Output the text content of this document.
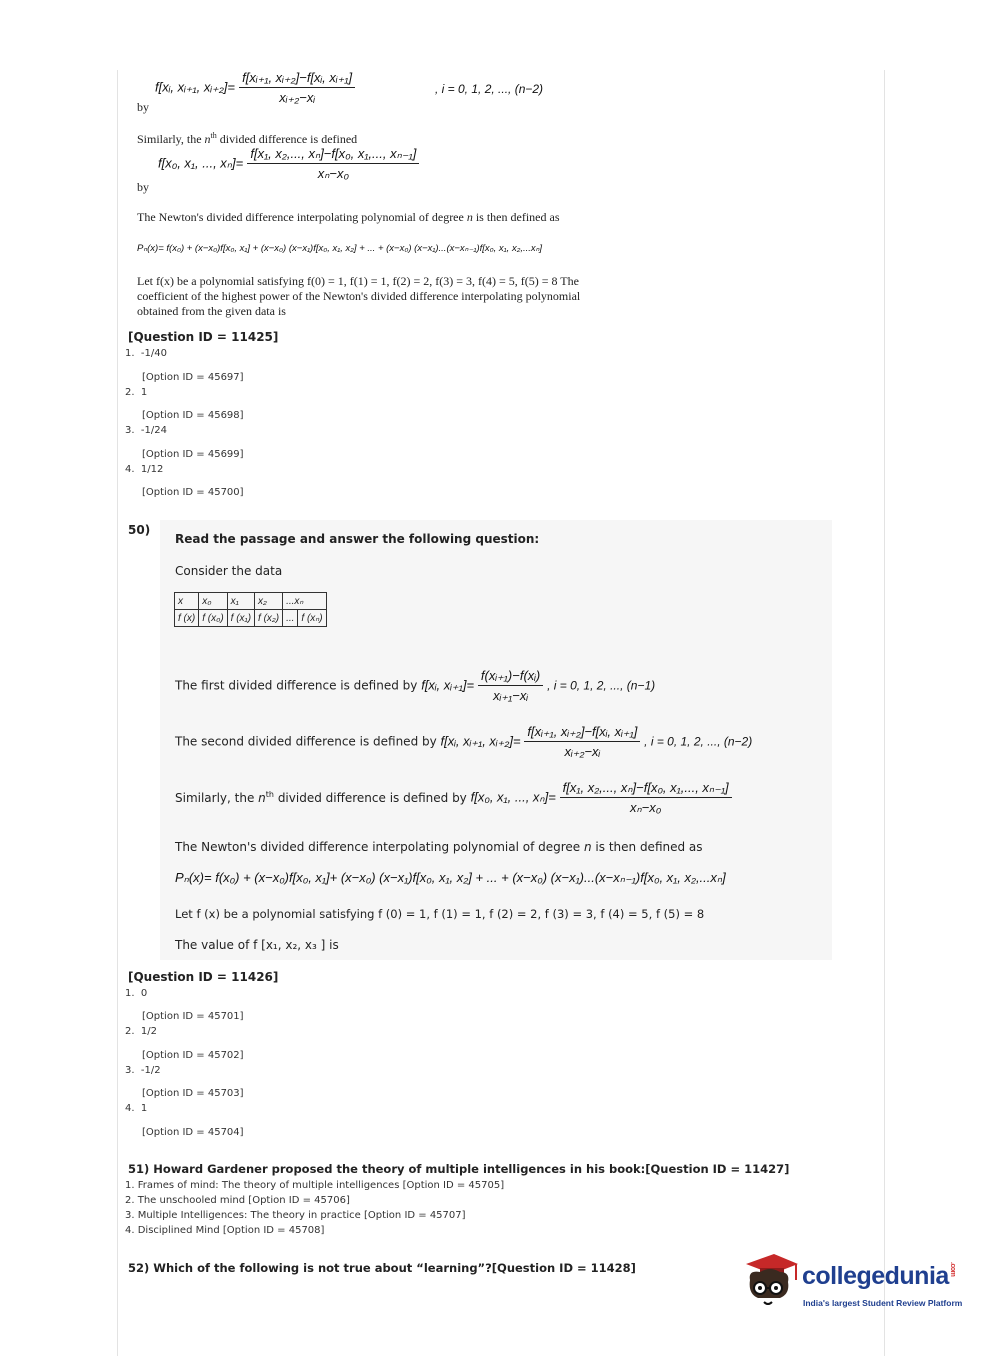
f[xᵢ, xᵢ₊₁, xᵢ₊₂]= $\frac{\text{f[xᵢ₊₁, xᵢ₊₂]−f[xᵢ, xᵢ₊₁]}}{\text{xᵢ₊₂−xᵢ}}$	, i = 0, 1, 2, ..., (n−2)
by
Similarly, the $n^{th}$ divided difference is defined
f[x₀, x₁, ..., $x_n]= \frac{\text{f[x₁, x₂,..., xₙ]−f[x₀, x₁,..., xₙ₋₁]}}{\text{xₙ−x₀}}$
by
The Newton's divided difference interpolating polynomial of degree n is then defined as
Pₙ(x)= f(x₀) + (x−x₀)f[x₀, x₁] + (x−x₀) (x−x₁)f[x₀, x₁, x₂] + ... + (x−x₀) (x−x₁)...(x−xₙ₋₁)f[x₀, x₁, x₂,...xₙ]
Let f(x) be a polynomial satisfying f(0) = 1, f(1) = 1, f(2) = 2, f(3) = 3, f(4) = 5, f(5) = 8 The
coefficient of the highest power of the Newton's divided difference interpolating polynomial
obtained from the given data is
[Question ID = 11425]
1. -1/40
[Option ID = 45697]
2. 1
[Option ID = 45698]
3. -1/24
[Option ID = 45699]
4. 1/12
[Option ID = 45700]
50)
Read the passage and answer the following question:
Consider the data
x	x₀	x₁	x₂	...xₙ	
f (x)	f (x₀)	f (x₁)	f (x₂)	...	f (xₙ)
The first divided difference is defined by f[xᵢ, xᵢ₊₁]= $\frac{\text{f(xᵢ₊₁)−f(xᵢ)}}{\text{xᵢ₊₁−xᵢ}}$ , i = 0, 1, 2, ..., (n−1)
The second divided difference is defined by f[xᵢ, xᵢ₊₁, xᵢ₊₂]= $\frac{\text{f[xᵢ₊₁, xᵢ₊₂]−f[xᵢ, xᵢ₊₁]}}{\text{xᵢ₊₂−xᵢ}}$ , i = 0, 1, 2, ..., (n−2)
Similarly, the $n^{th}$ divided difference is defined by f[x₀, x₁, ..., $x_n]= \frac{\text{f[x₁, x₂,..., xₙ]−f[x₀, x₁,..., xₙ₋₁]}}{\text{xₙ−x₀}}$
The Newton's divided difference interpolating polynomial of degree n is then defined as
Pₙ(x)= f(x₀) + (x−x₀)f[x₀, x₁]+ (x−x₀) (x−x₁)f[x₀, x₁, x₂] + ... + (x−x₀) (x−x₁)...(x−xₙ₋₁)f[x₀, x₁, x₂,...xₙ]
Let f (x) be a polynomial satisfying f (0) = 1, f (1) = 1, f (2) = 2, f (3) = 3, f (4) = 5, f (5) = 8
The value of f [x₁, x₂, x₃ ] is
[Question ID = 11426]
1. 0
[Option ID = 45701]
2. 1/2
[Option ID = 45702]
3. -1/2
[Option ID = 45703]
4. 1
[Option ID = 45704]
51) Howard Gardener proposed the theory of multiple intelligences in his book:[Question ID = 11427]
1. Frames of mind: The theory of multiple intelligences [Option ID = 45705]
2. The unschooled mind [Option ID = 45706]
3. Multiple Intelligences: The theory in practice [Option ID = 45707]
4. Disciplined Mind [Option ID = 45708]
52) Which of the following is not true about “learning”?[Question ID = 11428]	collegedunia.com
India's largest Student Review Platform
